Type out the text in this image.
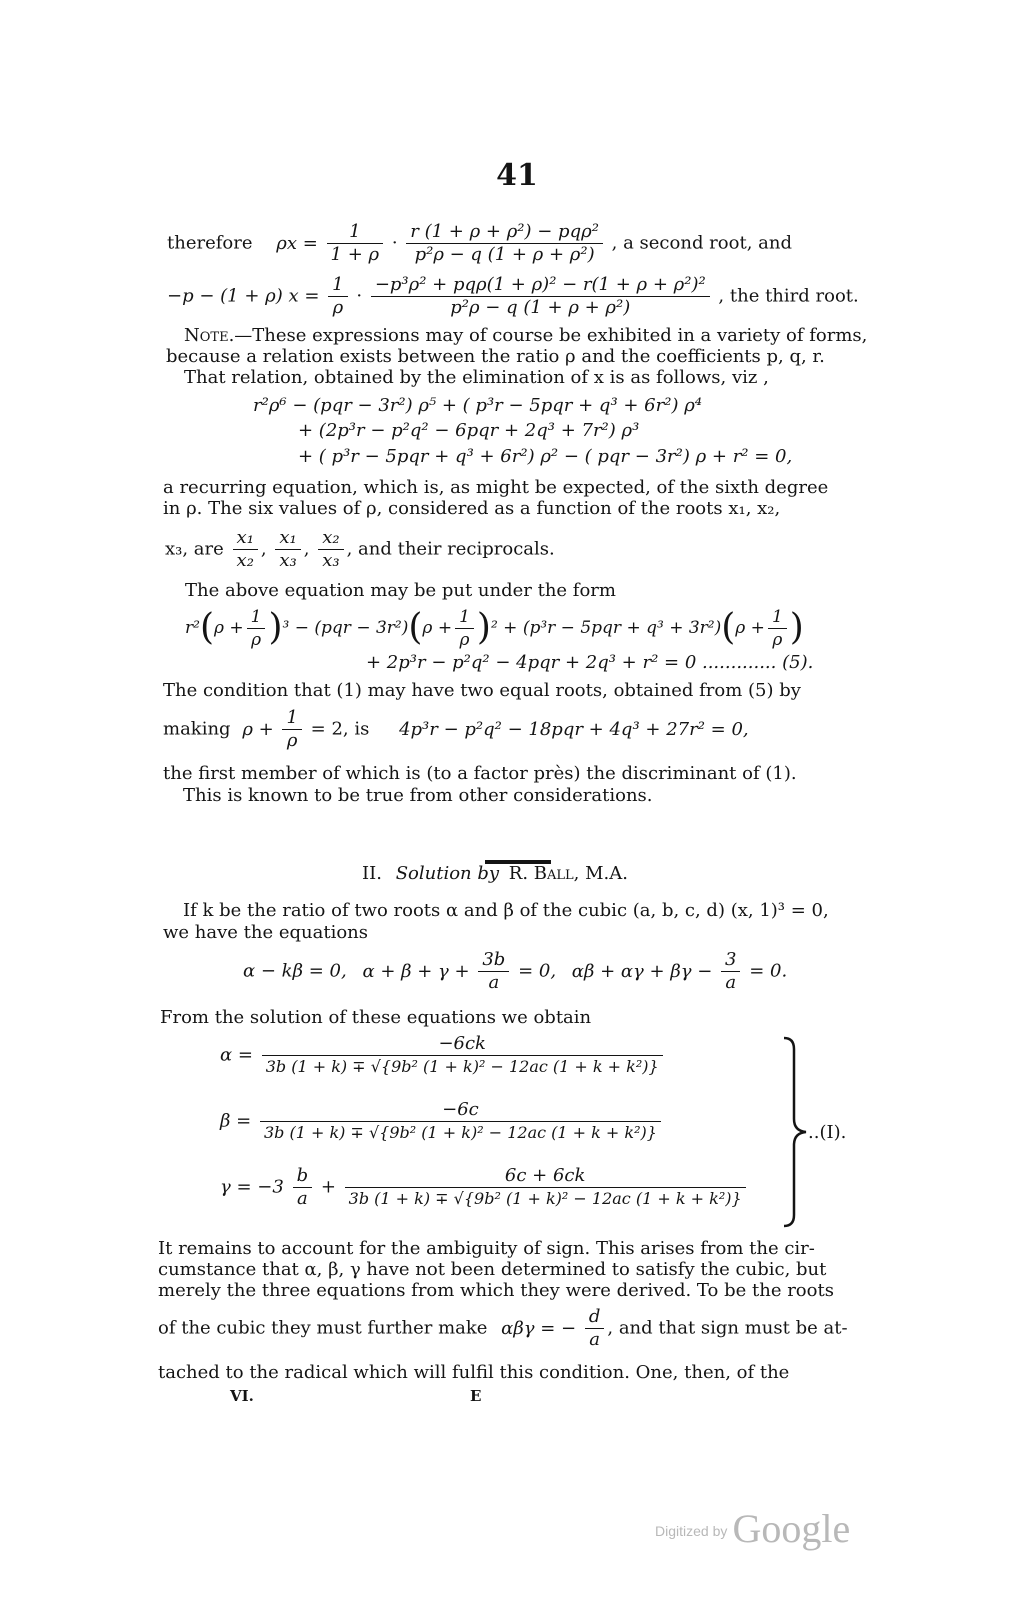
41
therefore $\rho x = \frac{1}{1 + \rho} \cdot \frac{\text{r (1 + ρ + ρ²) − pqρ²}}{\text{p²ρ − q (1 + ρ + ρ²)}}$ , a second root, and
−p − (1 + ρ) $x = \frac{1}{\rho} \cdot \frac{\text{−p³ρ² + pqρ(1 + ρ)² − r(1 + ρ + ρ²)²}}{\text{p²ρ − q (1 + ρ + ρ²)}}$ , the third root.
Note.—These expressions may of course be exhibited in a variety of forms,
because a relation exists between the ratio ρ and the coefficients p, q, r.
That relation, obtained by the elimination of x is as follows, viz ,
r²ρ⁶ − (pqr − 3r²) ρ⁵ + ( p³r − 5pqr + q³ + 6r²) ρ⁴
+ (2p³r − p²q² − 6pqr + 2q³ + 7r²) ρ³
+ ( p³r − 5pqr + q³ + 6r²) ρ² − ( pqr − 3r²) ρ + r² = 0,
a recurring equation, which is, as might be expected, of the sixth degree
in ρ. The six values of ρ, considered as a function of the roots x₁, x₂,
x₃, are $\frac{\text{x₁}}{\text{x₂}}$ , $\frac{\text{x₁}}{\text{x₃}}$ , $\frac{\text{x₂}}{\text{x₃}}$ , and their reciprocals.
The above equation may be put under the form
$r^2(\rho + \frac{1}{\rho} )^3 - (pqr - 3r^2)(\rho + \frac{1}{\rho} )^2 + (p^3r - 5pqr + q^3 + 3r^2)(\rho + \frac{1}{\rho}$ )
+ 2p³r − p²q² − 4pqr + 2q³ + r² = 0 ............. (5).
The condition that (1) may have two equal roots, obtained from (5) by
making $\rho + \frac{1}{\rho} = 2$, is 4p³r − p²q² − 18pqr + 4q³ + 27r² = 0,
the first member of which is (to a factor près) the discriminant of (1).
This is known to be true from other considerations.
II. Solution by R. Ball, M.A.
If k be the ratio of two roots α and β of the cubic (a, b, c, d) (x, 1)³ = 0,
we have the equations
α − kβ = 0, $\alpha + \beta + \gamma + \frac{3b}{a} = 0$, $\alpha\beta + \alpha\gamma + \beta\gamma - \frac{3}{a} = 0$.
From the solution of these equations we obtain
$\alpha = \frac{-6ck}{\text{3b (1 + k) ∓ √\{9b² (1 + k)² − 12ac (1 + k + k²)\}}}$
$\beta = \frac{-6c}{\text{3b (1 + k) ∓ √\{9b² (1 + k)² − 12ac (1 + k + k²)\}}}$
$\gamma = -3 \frac{b}{a} + \frac{6c + 6ck}{\text{3b (1 + k) ∓ √\{9b² (1 + k)² − 12ac (1 + k + k²)\}}}$
..(I).
It remains to account for the ambiguity of sign. This arises from the cir-
cumstance that α, β, γ have not been determined to satisfy the cubic, but
merely the three equations from which they were derived. To be the roots
of the cubic they must further make αβγ = − $\frac{d}{a}$ , and that sign must be at-
tached to the radical which will fulfil this condition. One, then, of the
VI.	E
Digitized by Google
